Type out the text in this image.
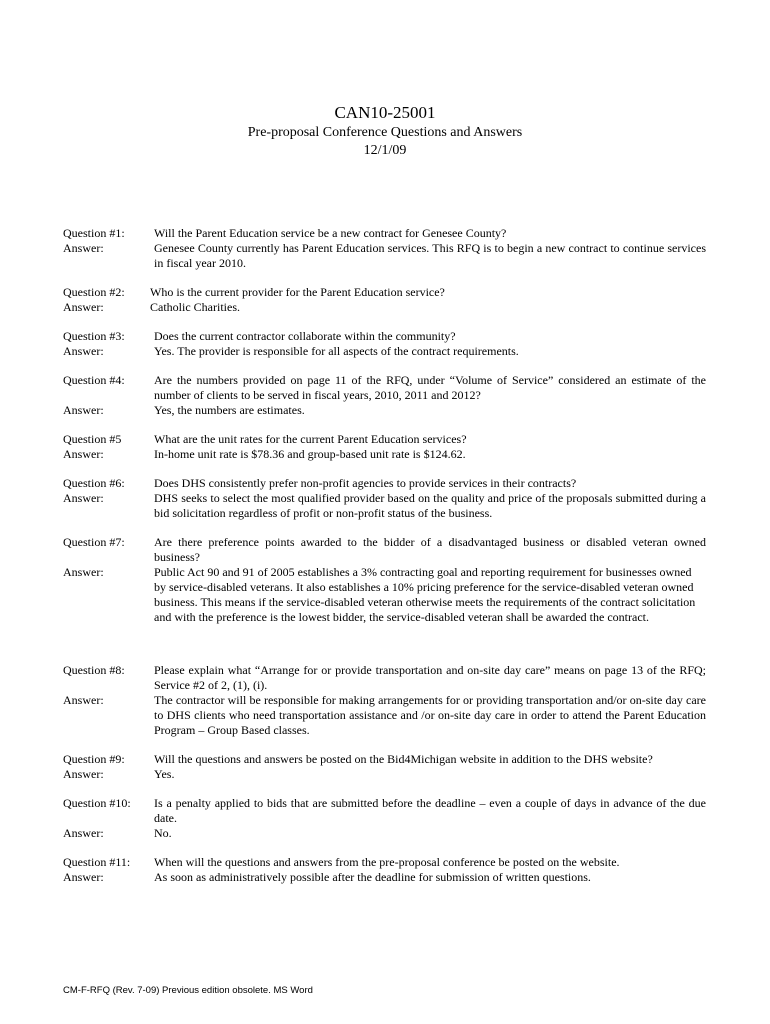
CAN10-25001
Pre-proposal Conference Questions and Answers
12/1/09
Question #1:	Will the Parent Education service be a new contract for Genesee County?
Answer:	Genesee County currently has Parent Education services. This RFQ is to begin a new contract to continue services in fiscal year 2010.
Question #2:	Who is the current provider for the Parent Education service?
Answer:	Catholic Charities.
Question #3:	Does the current contractor collaborate within the community?
Answer:	Yes. The provider is responsible for all aspects of the contract requirements.
Question #4:	Are the numbers provided on page 11 of the RFQ, under “Volume of Service” considered an estimate of the number of clients to be served in fiscal years, 2010, 2011 and 2012?
Answer:	Yes, the numbers are estimates.
Question #5	What are the unit rates for the current Parent Education services?
Answer:	In-home unit rate is $78.36 and group-based unit rate is $124.62.
Question #6:	Does DHS consistently prefer non-profit agencies to provide services in their contracts?
Answer:	DHS seeks to select the most qualified provider based on the quality and price of the proposals submitted during a bid solicitation regardless of profit or non-profit status of the business.
Question #7:	Are there preference points awarded to the bidder of a disadvantaged business or disabled veteran owned business?
Answer:	Public Act 90 and 91 of 2005 establishes a 3% contracting goal and reporting requirement for businesses owned by service-disabled veterans. It also establishes a 10% pricing preference for the service-disabled veteran owned business. This means if the service-disabled veteran otherwise meets the requirements of the contract solicitation and with the preference is the lowest bidder, the service-disabled veteran shall be awarded the contract.
Question #8:	Please explain what “Arrange for or provide transportation and on-site day care” means on page 13 of the RFQ; Service #2 of 2, (1), (i).
Answer:	The contractor will be responsible for making arrangements for or providing transportation and/or on-site day care to DHS clients who need transportation assistance and /or on-site day care in order to attend the Parent Education Program – Group Based classes.
Question #9:	Will the questions and answers be posted on the Bid4Michigan website in addition to the DHS website?
Answer:	Yes.
Question #10:	Is a penalty applied to bids that are submitted before the deadline – even a couple of days in advance of the due date.
Answer:	No.
Question #11:	When will the questions and answers from the pre-proposal conference be posted on the website.
Answer:	As soon as administratively possible after the deadline for submission of written questions.
CM-F-RFQ (Rev. 7-09) Previous edition obsolete. MS Word
